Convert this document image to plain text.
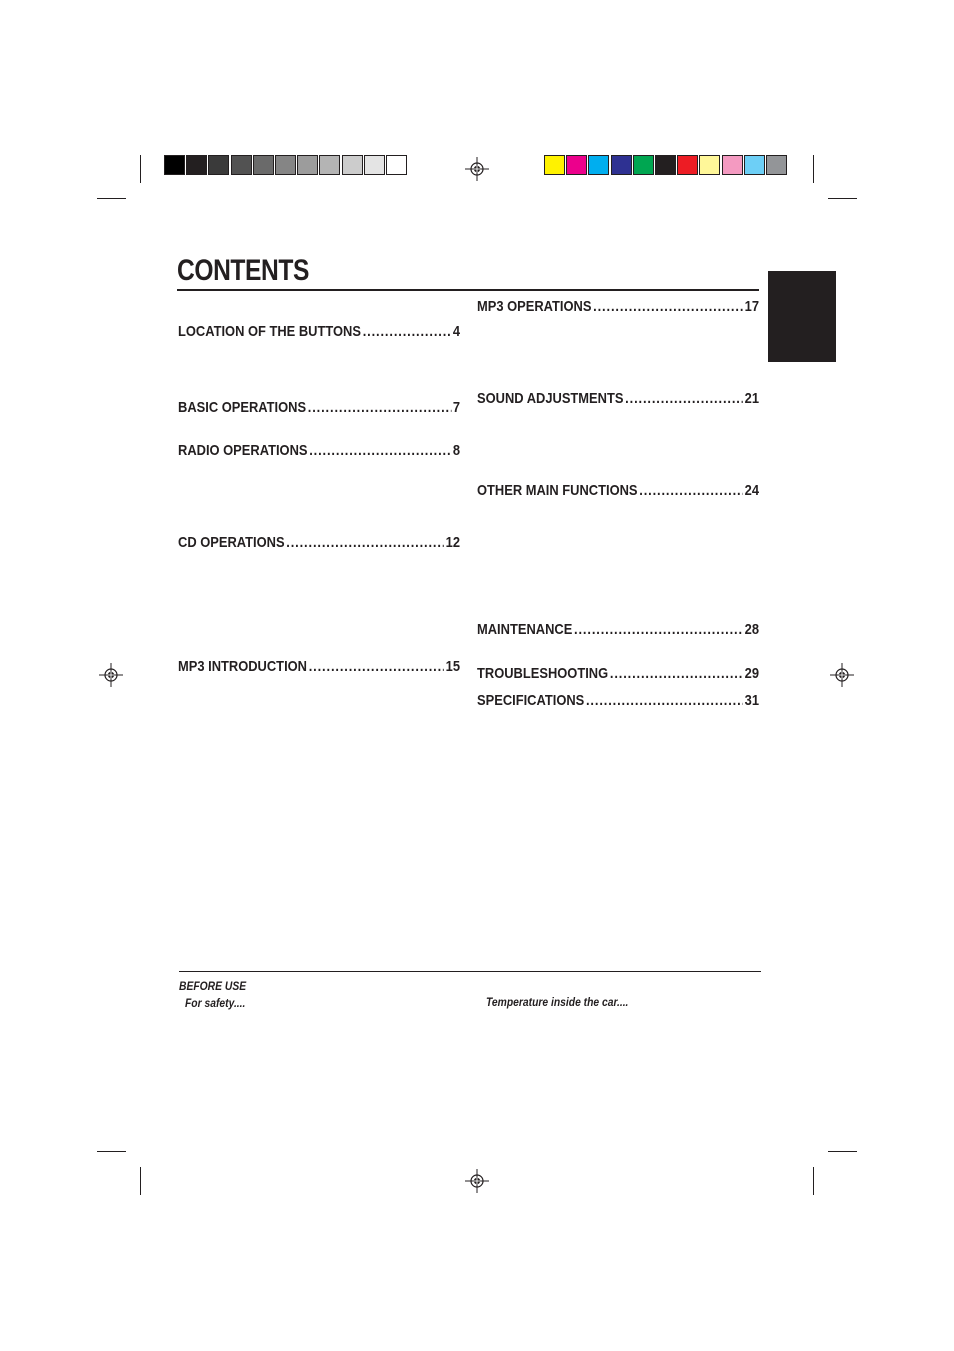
CONTENTS
LOCATION OF THE BUTTONS .....	4
BASIC OPERATIONS .....	7
RADIO OPERATIONS .....	8
CD OPERATIONS .....	12
MP3 INTRODUCTION .....	15
MP3 OPERATIONS .....	17
SOUND ADJUSTMENTS .....	21
OTHER MAIN FUNCTIONS .....	24
MAINTENANCE .....	28
TROUBLESHOOTING .....	29
SPECIFICATIONS .....	31
BEFORE USE
For safety....	Temperature inside the car....
